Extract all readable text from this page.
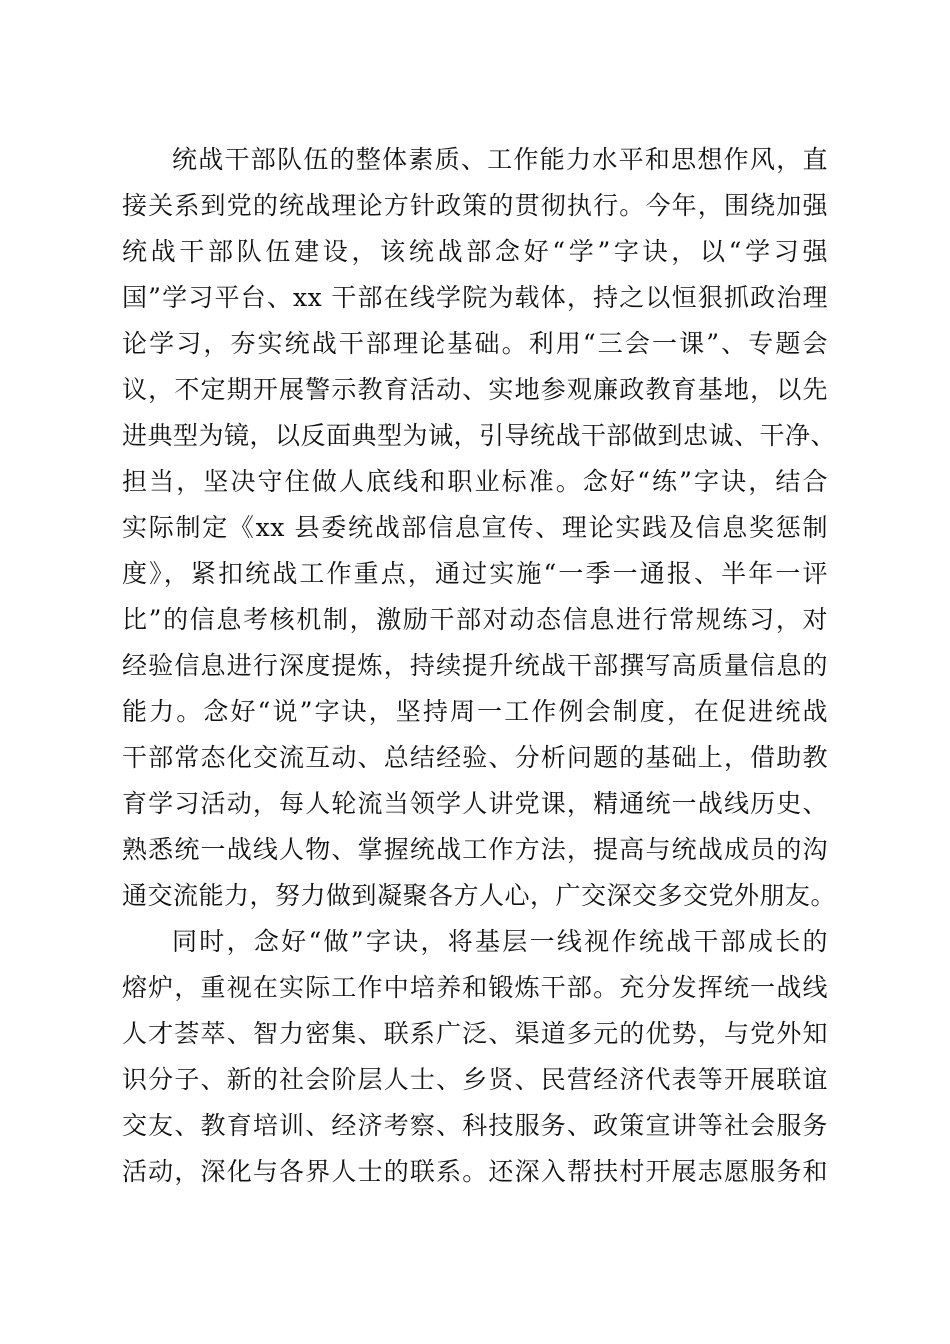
统战干部队伍的整体素质、工作能力水平和思想作风，直
接关系到党的统战理论方针政策的贯彻执行。今年，围绕加强
统战干部队伍建设，该统战部念好“学”字诀，以“学习强
国”学习平台、xx 干部在线学院为载体，持之以恒狠抓政治理
论学习，夯实统战干部理论基础。利用“三会一课”、专题会
议，不定期开展警示教育活动、实地参观廉政教育基地，以先
进典型为镜，以反面典型为诫，引导统战干部做到忠诚、干净、
担当，坚决守住做人底线和职业标准。念好“练”字诀，结合
实际制定《xx 县委统战部信息宣传、理论实践及信息奖惩制
度》，紧扣统战工作重点，通过实施“一季一通报、半年一评
比”的信息考核机制，激励干部对动态信息进行常规练习，对
经验信息进行深度提炼，持续提升统战干部撰写高质量信息的
能力。念好“说”字诀，坚持周一工作例会制度，在促进统战
干部常态化交流互动、总结经验、分析问题的基础上，借助教
育学习活动，每人轮流当领学人讲党课，精通统一战线历史、
熟悉统一战线人物、掌握统战工作方法，提高与统战成员的沟
通交流能力，努力做到凝聚各方人心，广交深交多交党外朋友。
同时，念好“做”字诀，将基层一线视作统战干部成长的
熔炉，重视在实际工作中培养和锻炼干部。充分发挥统一战线
人才荟萃、智力密集、联系广泛、渠道多元的优势，与党外知
识分子、新的社会阶层人士、乡贤、民营经济代表等开展联谊
交友、教育培训、经济考察、科技服务、政策宣讲等社会服务
活动，深化与各界人士的联系。还深入帮扶村开展志愿服务和
